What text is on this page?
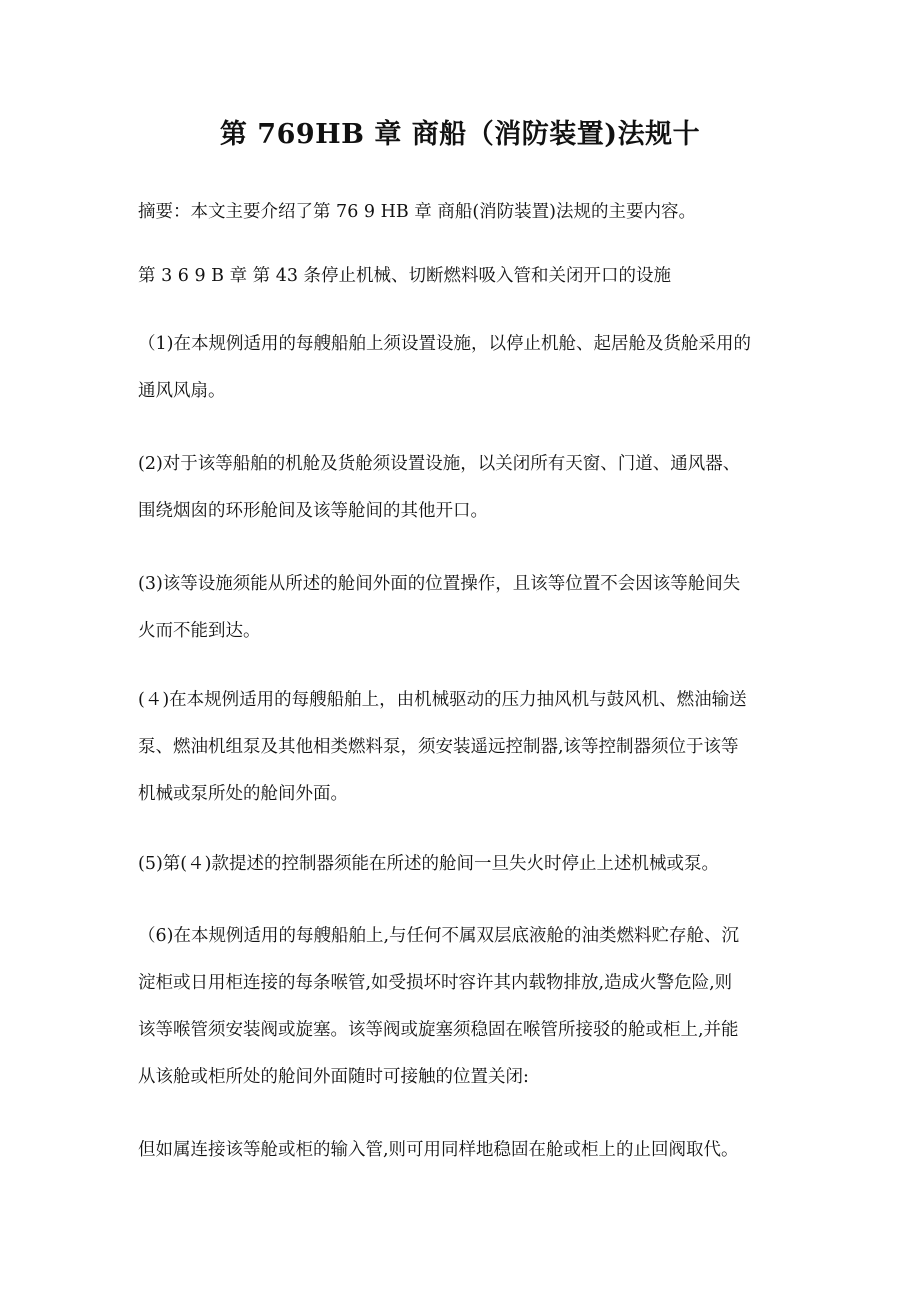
第 769HB 章 商船（消防装置)法规十

摘要：本文主要介绍了第 76 9 HB 章 商船(消防装置)法规的主要内容。

第 3 6 9 B 章 第 43 条停止机械、切断燃料吸入管和关闭开口的设施

（1)在本规例适用的每艘船舶上须设置设施，以停止机舱、起居舱及货舱采用的
通风风扇。

(2)对于该等船舶的机舱及货舱须设置设施，以关闭所有天窗、门道、通风器、
围绕烟囱的环形舱间及该等舱间的其他开口。

(3)该等设施须能从所述的舱间外面的位置操作，且该等位置不会因该等舱间失
火而不能到达。

(４)在本规例适用的每艘船舶上，由机械驱动的压力抽风机与鼓风机、燃油输送
泵、燃油机组泵及其他相类燃料泵，须安装遥远控制器,该等控制器须位于该等
机械或泵所处的舱间外面。

(5)第(４)款提述的控制器须能在所述的舱间一旦失火时停止上述机械或泵。

（6)在本规例适用的每艘船舶上,与任何不属双层底液舱的油类燃料贮存舱、沉
淀柜或日用柜连接的每条喉管,如受损坏时容许其内载物排放,造成火警危险,则
该等喉管须安装阀或旋塞。该等阀或旋塞须稳固在喉管所接驳的舱或柜上,并能
从该舱或柜所处的舱间外面随时可接触的位置关闭:

但如属连接该等舱或柜的输入管,则可用同样地稳固在舱或柜上的止回阀取代。
